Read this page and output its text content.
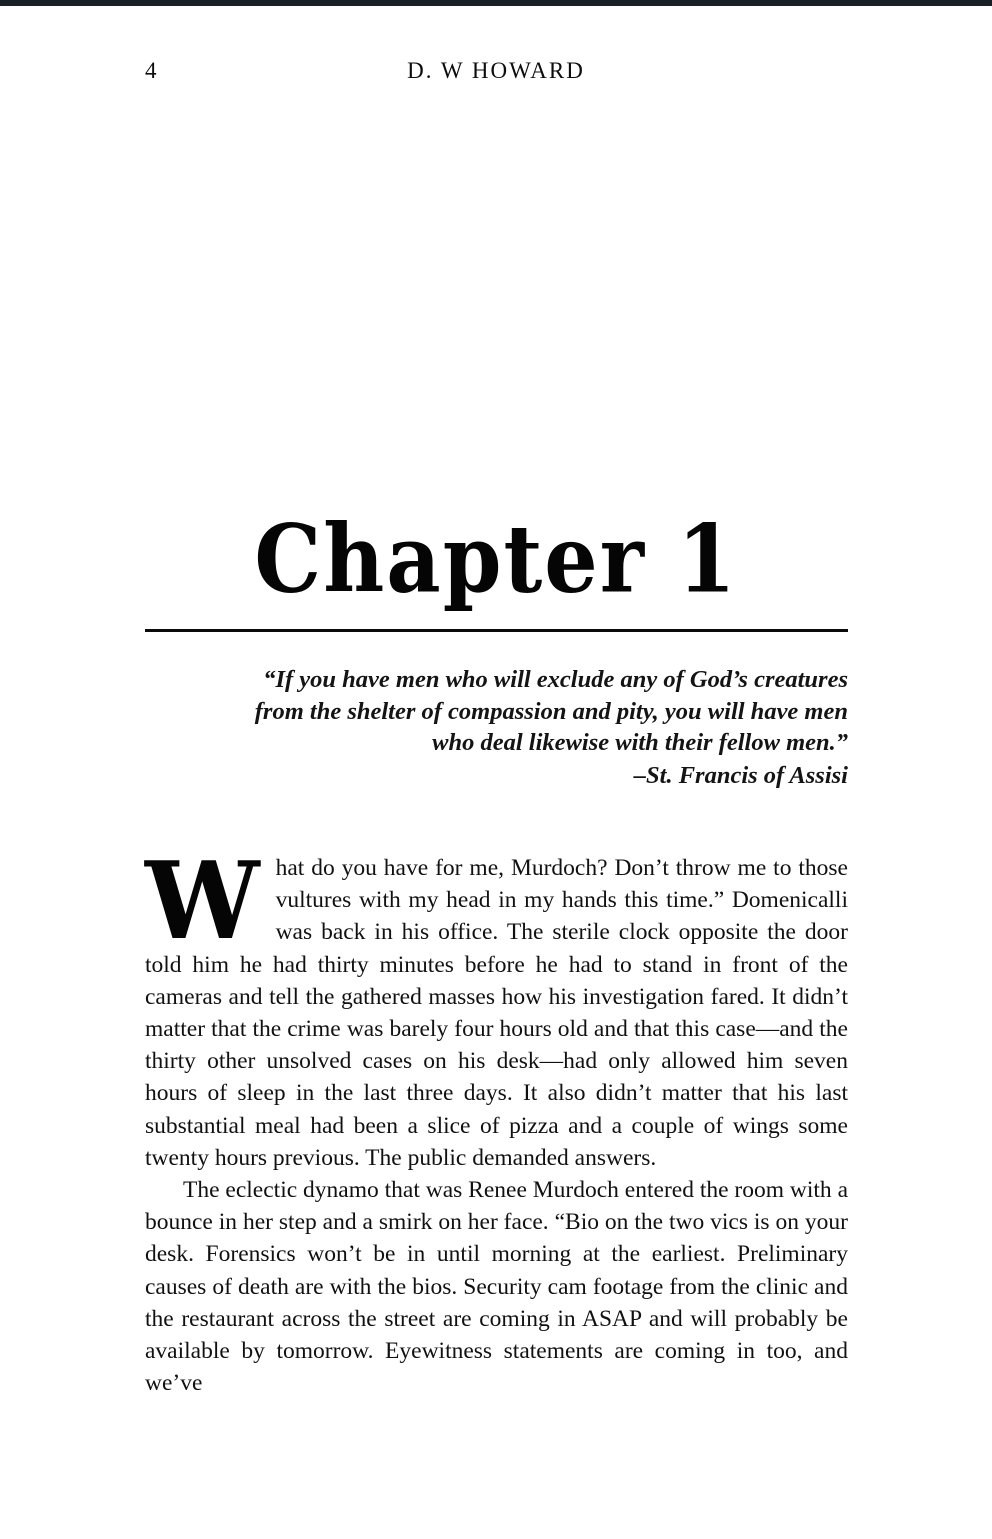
4	D. W HOWARD
Chapter 1
“If you have men who will exclude any of God’s creatures
from the shelter of compassion and pity, you will have men
who deal likewise with their fellow men.”
–St. Francis of Assisi

What do you have for me, Murdoch? Don’t throw me to those vultures with my head in my hands this time.” Domenicalli was back in his office. The sterile clock opposite the door told him he had thirty minutes before he had to stand in front of the cameras and tell the gathered masses how his investigation fared. It didn’t matter that the crime was barely four hours old and that this case—and the thirty other unsolved cases on his desk—had only allowed him seven hours of sleep in the last three days. It also didn’t matter that his last substantial meal had been a slice of pizza and a couple of wings some twenty hours previous. The public demanded answers.

The eclectic dynamo that was Renee Murdoch entered the room with a bounce in her step and a smirk on her face. “Bio on the two vics is on your desk. Forensics won’t be in until morning at the earliest. Preliminary causes of death are with the bios. Security cam footage from the clinic and the restaurant across the street are coming in ASAP and will probably be available by tomorrow. Eyewitness statements are coming in too, and we’ve
